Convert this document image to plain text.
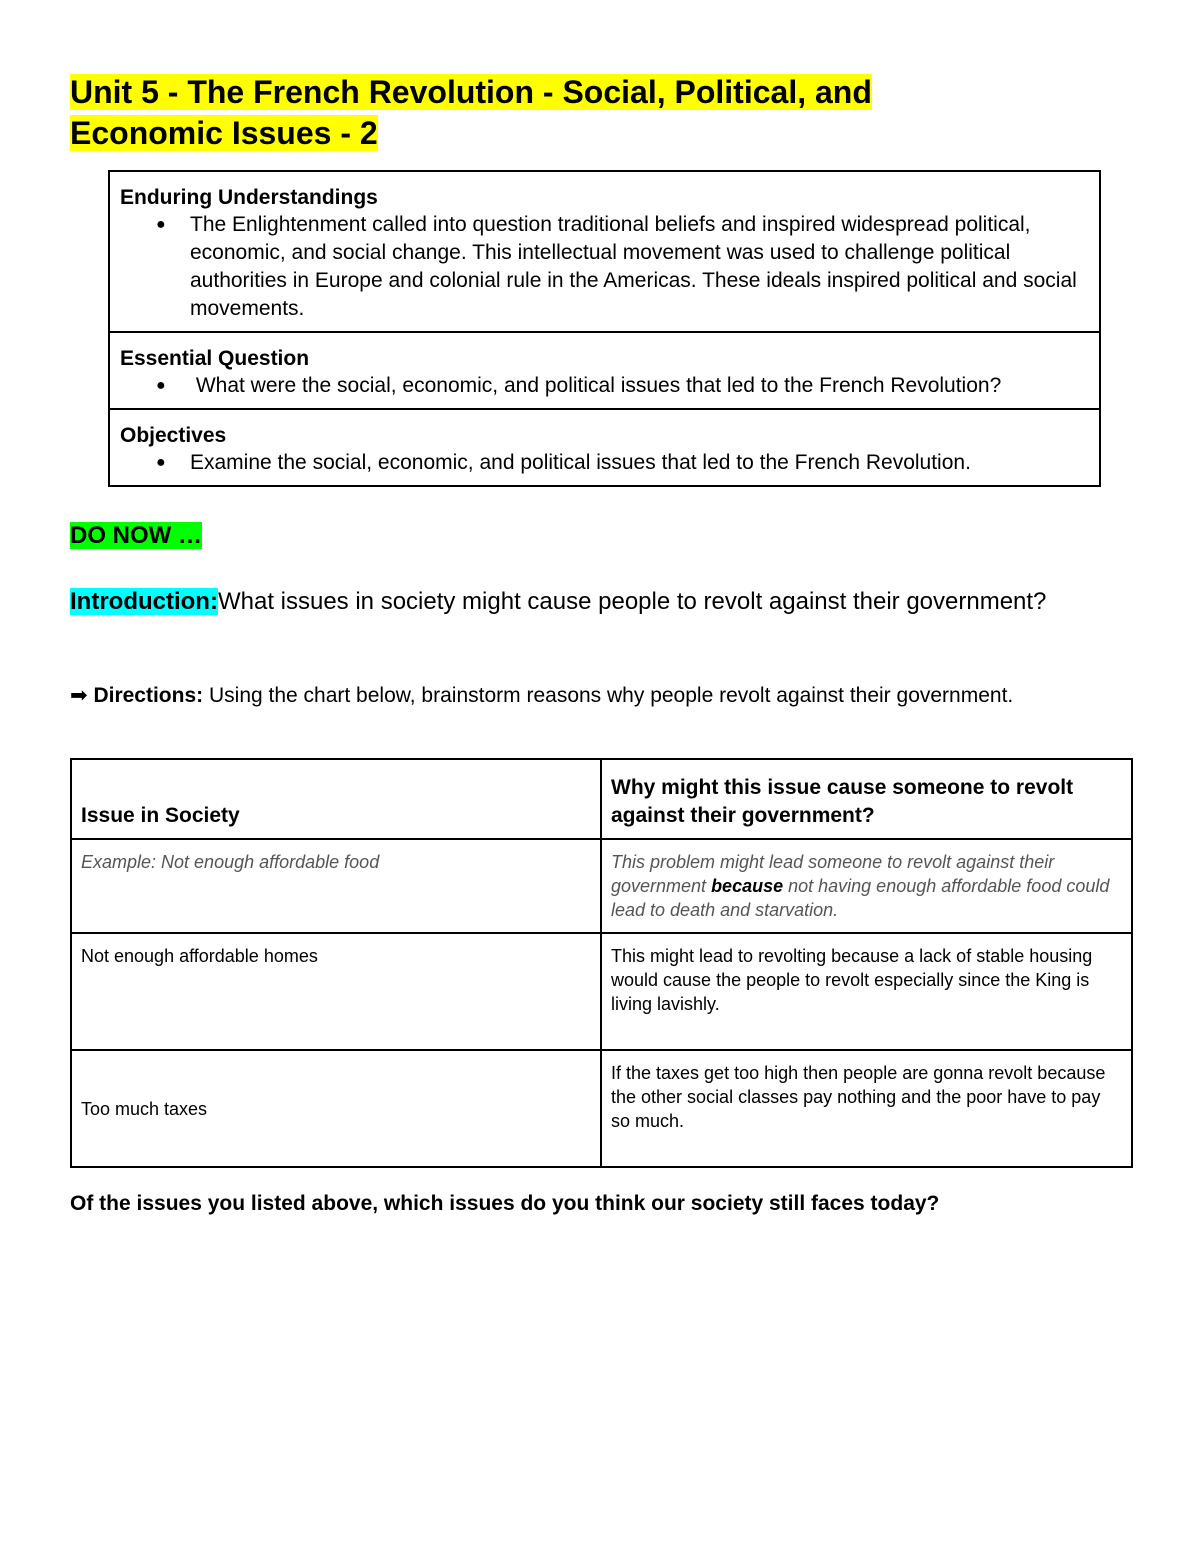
Unit 5 - The French Revolution - Social, Political, and
Economic Issues - 2
Enduring Understandings
●	The Enlightenment called into question traditional beliefs and inspired widespread political, economic, and social change. This intellectual movement was used to challenge political authorities in Europe and colonial rule in the Americas. These ideals inspired political and social movements.
Essential Question
●	What were the social, economic, and political issues that led to the French Revolution?
Objectives
●	Examine the social, economic, and political issues that led to the French Revolution.
DO NOW …
Introduction:What issues in society might cause people to revolt against their government?
➡ Directions: Using the chart below, brainstorm reasons why people revolt against their government.
Issue in Society	Why might this issue cause someone to revolt against their government?
Example: Not enough affordable food	This problem might lead someone to revolt against their government because not having enough affordable food could lead to death and starvation.
Not enough affordable homes	This might lead to revolting because a lack of stable housing would cause the people to revolt especially since the King is living lavishly.
Too much taxes	If the taxes get too high then people are gonna revolt because the other social classes pay nothing and the poor have to pay so much.
Of the issues you listed above, which issues do you think our society still faces today?
